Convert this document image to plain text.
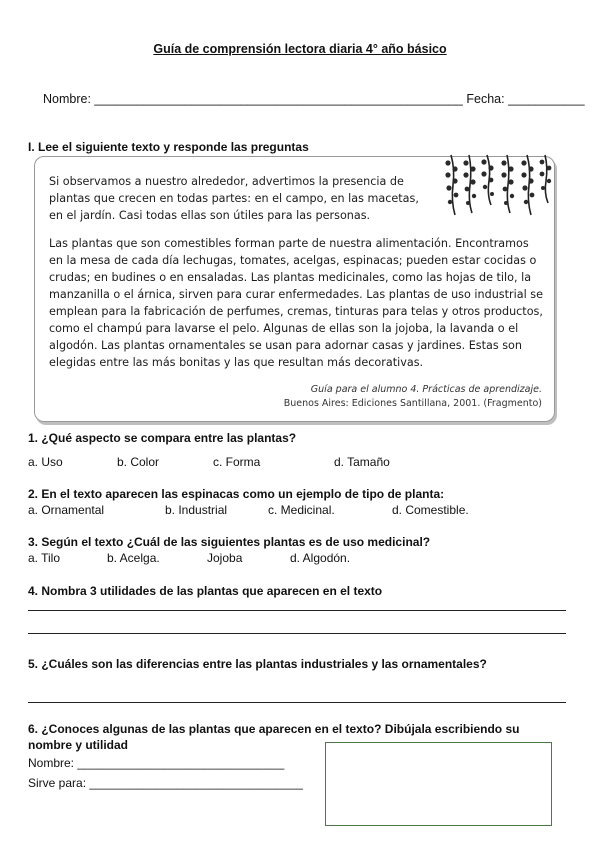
Guía de comprensión lectora diaria 4° año básico
Nombre: _____________________________________________________ Fecha: ___________
I. Lee el siguiente texto y responde las preguntas

Si observamos a nuestro alrededor, advertimos la presencia de plantas que crecen en todas partes: en el campo, en las macetas, en el jardín. Casi todas ellas son útiles para las personas.

Las plantas que son comestibles forman parte de nuestra alimentación. Encontramos en la mesa de cada día lechugas, tomates, acelgas, espinacas; pueden estar cocidas o crudas; en budines o en ensaladas. Las plantas medicinales, como las hojas de tilo, la manzanilla o el árnica, sirven para curar enfermedades. Las plantas de uso industrial se emplean para la fabricación de perfumes, cremas, tinturas para telas y otros productos, como el champú para lavarse el pelo. Algunas de ellas son la jojoba, la lavanda o el algodón. Las plantas ornamentales se usan para adornar casas y jardines. Estas son elegidas entre las más bonitas y las que resultan más decorativas.

Guía para el alumno 4. Prácticas de aprendizaje.
Buenos Aires: Ediciones Santillana, 2001. (Fragmento)
1. ¿Qué aspecto se compara entre las plantas?
a. Uso	b. Color	c. Forma	d. Tamaño
2. En el texto aparecen las espinacas como un ejemplo de tipo de planta:
a. Ornamental	b. Industrial	c. Medicinal.	d. Comestible.
3. Según el texto ¿Cuál de las siguientes plantas es de uso medicinal?
a. Tilo	b. Acelga.	Jojoba	d. Algodón.
4. Nombra 3 utilidades de las plantas que aparecen en el texto
5. ¿Cuáles son las diferencias entre las plantas industriales y las ornamentales?
6. ¿Conoces algunas de las plantas que aparecen en el texto? Dibújala escribiendo su nombre y utilidad
Nombre: _______________________________
Sirve para: ________________________________
